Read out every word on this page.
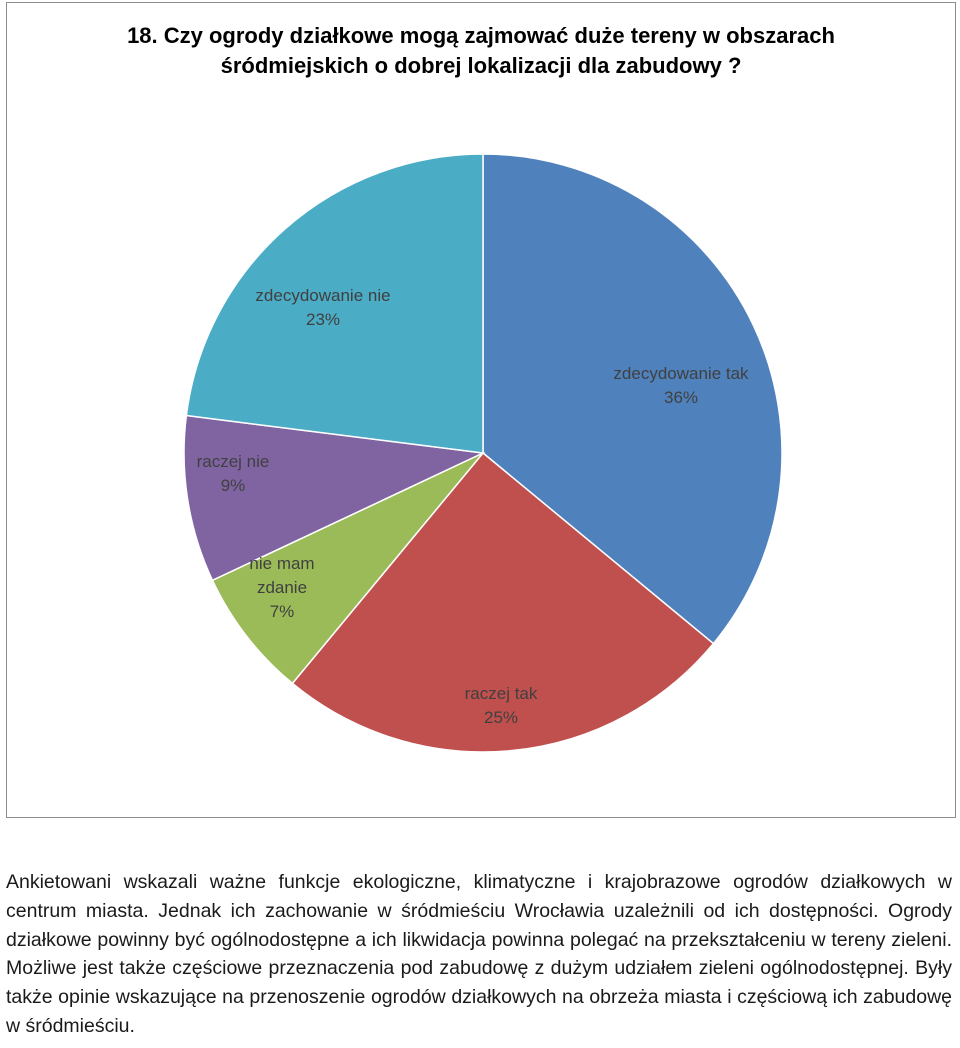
18. Czy ogrody działkowe mogą zajmować duże tereny w obszarach
śródmiejskich o dobrej lokalizacji dla zabudowy ?
zdecydowanie tak 36%
raczej tak 25%
nie mam zdanie 7%
raczej nie 9%
zdecydowanie nie 23%
Ankietowani wskazali ważne funkcje ekologiczne, klimatyczne i krajobrazowe ogrodów działkowych w centrum miasta. Jednak ich zachowanie w śródmieściu Wrocławia uzależnili od ich dostępności. Ogrody działkowe powinny być ogólnodostępne a ich likwidacja powinna polegać na przekształceniu w tereny zieleni. Możliwe jest także częściowe przeznaczenia pod zabudowę z dużym udziałem zieleni ogólnodostępnej. Były także opinie wskazujące na przenoszenie ogrodów działkowych na obrzeża miasta i częściową ich zabudowę w śródmieściu.
